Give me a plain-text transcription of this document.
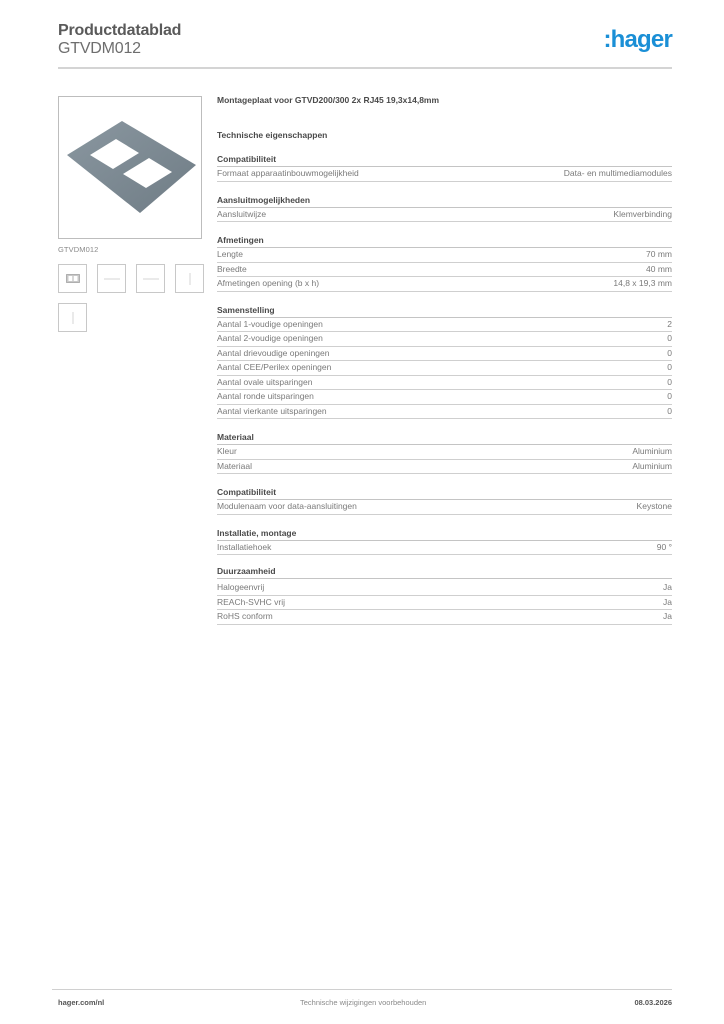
Productdatablad
GTVDM012	:hager
GTVDM012
Montageplaat voor GTVD200/300 2x RJ45 19,3x14,8mm
Technische eigenschappen
Compatibiliteit
Formaat apparaatinbouwmogelijkheid	Data- en multimediamodules
Aansluitmogelijkheden
Aansluitwijze	Klemverbinding
Afmetingen
Lengte	70 mm
Breedte	40 mm
Afmetingen opening (b x h)	14,8 x 19,3 mm
Samenstelling
Aantal 1-voudige openingen	2
Aantal 2-voudige openingen	0
Aantal drievoudige openingen	0
Aantal CEE/Perilex openingen	0
Aantal ovale uitsparingen	0
Aantal ronde uitsparingen	0
Aantal vierkante uitsparingen	0
Materiaal
Kleur	Aluminium
Materiaal	Aluminium
Compatibiliteit
Modulenaam voor data-aansluitingen	Keystone
Installatie, montage
Installatiehoek	90 °
Duurzaamheid
Halogeenvrij	Ja
REACh-SVHC vrij	Ja
RoHS conform	Ja
hager.com/nl	Technische wijzigingen voorbehouden	08.03.2026
